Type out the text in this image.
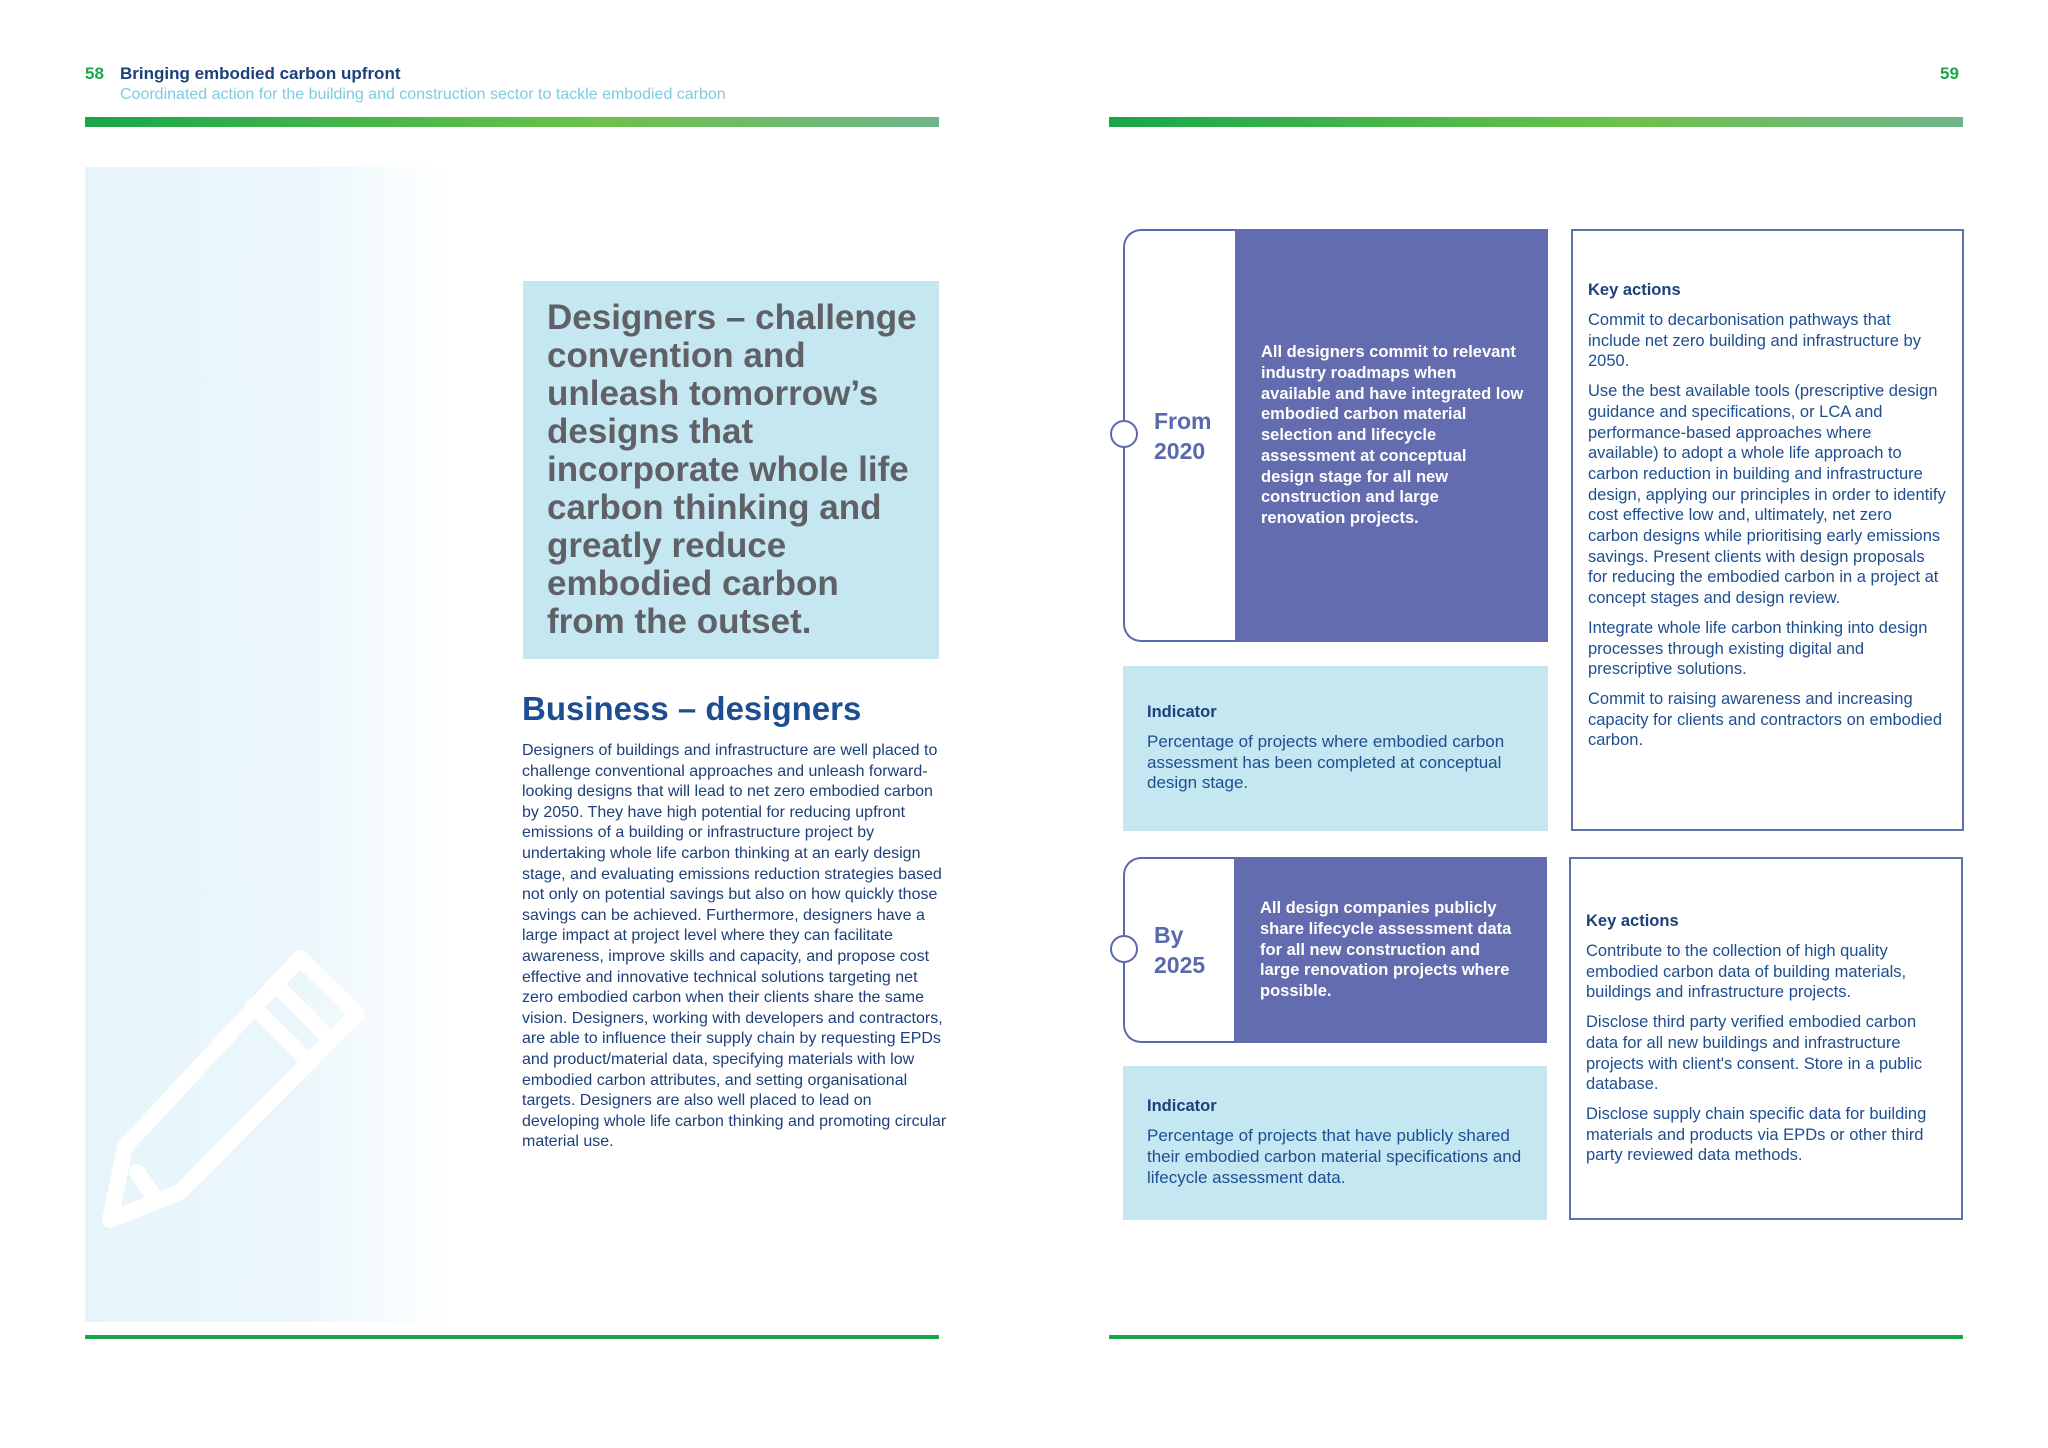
58 Bringing embodied carbon upfront
Coordinated action for the building and construction sector to tackle embodied carbon
59

Designers – challenge convention and unleash tomorrow’s designs that incorporate whole life carbon thinking and greatly reduce embodied carbon from the outset.

Business – designers

Designers of buildings and infrastructure are well placed to challenge conventional approaches and unleash forward-looking designs that will lead to net zero embodied carbon by 2050. They have high potential for reducing upfront emissions of a building or infrastructure project by undertaking whole life carbon thinking at an early design stage, and evaluating emissions reduction strategies based not only on potential savings but also on how quickly those savings can be achieved. Furthermore, designers have a large impact at project level where they can facilitate awareness, improve skills and capacity, and propose cost effective and innovative technical solutions targeting net zero embodied carbon when their clients share the same vision. Designers, working with developers and contractors, are able to influence their supply chain by requesting EPDs and product/material data, specifying materials with low embodied carbon attributes, and setting organisational targets. Designers are also well placed to lead on developing whole life carbon thinking and promoting circular material use.

From
2020
All designers commit to relevant industry roadmaps when available and have integrated low embodied carbon material selection and lifecycle assessment at conceptual design stage for all new construction and large renovation projects.

Indicator

Percentage of projects where embodied carbon assessment has been completed at conceptual design stage.

Key actions

Commit to decarbonisation pathways that include net zero building and infrastructure by 2050.

Use the best available tools (prescriptive design guidance and specifications, or LCA and performance-based approaches where available) to adopt a whole life approach to carbon reduction in building and infrastructure design, applying our principles in order to identify cost effective low and, ultimately, net zero carbon designs while prioritising early emissions savings. Present clients with design proposals for reducing the embodied carbon in a project at concept stages and design review.

Integrate whole life carbon thinking into design processes through existing digital and prescriptive solutions.

Commit to raising awareness and increasing capacity for clients and contractors on embodied carbon.

By
2025
All design companies publicly share lifecycle assessment data for all new construction and large renovation projects where possible.

Indicator

Percentage of projects that have publicly shared their embodied carbon material specifications and lifecycle assessment data.

Key actions

Contribute to the collection of high quality embodied carbon data of building materials, buildings and infrastructure projects.

Disclose third party verified embodied carbon data for all new buildings and infrastructure projects with client's consent. Store in a public database.

Disclose supply chain specific data for building materials and products via EPDs or other third party reviewed data methods.
